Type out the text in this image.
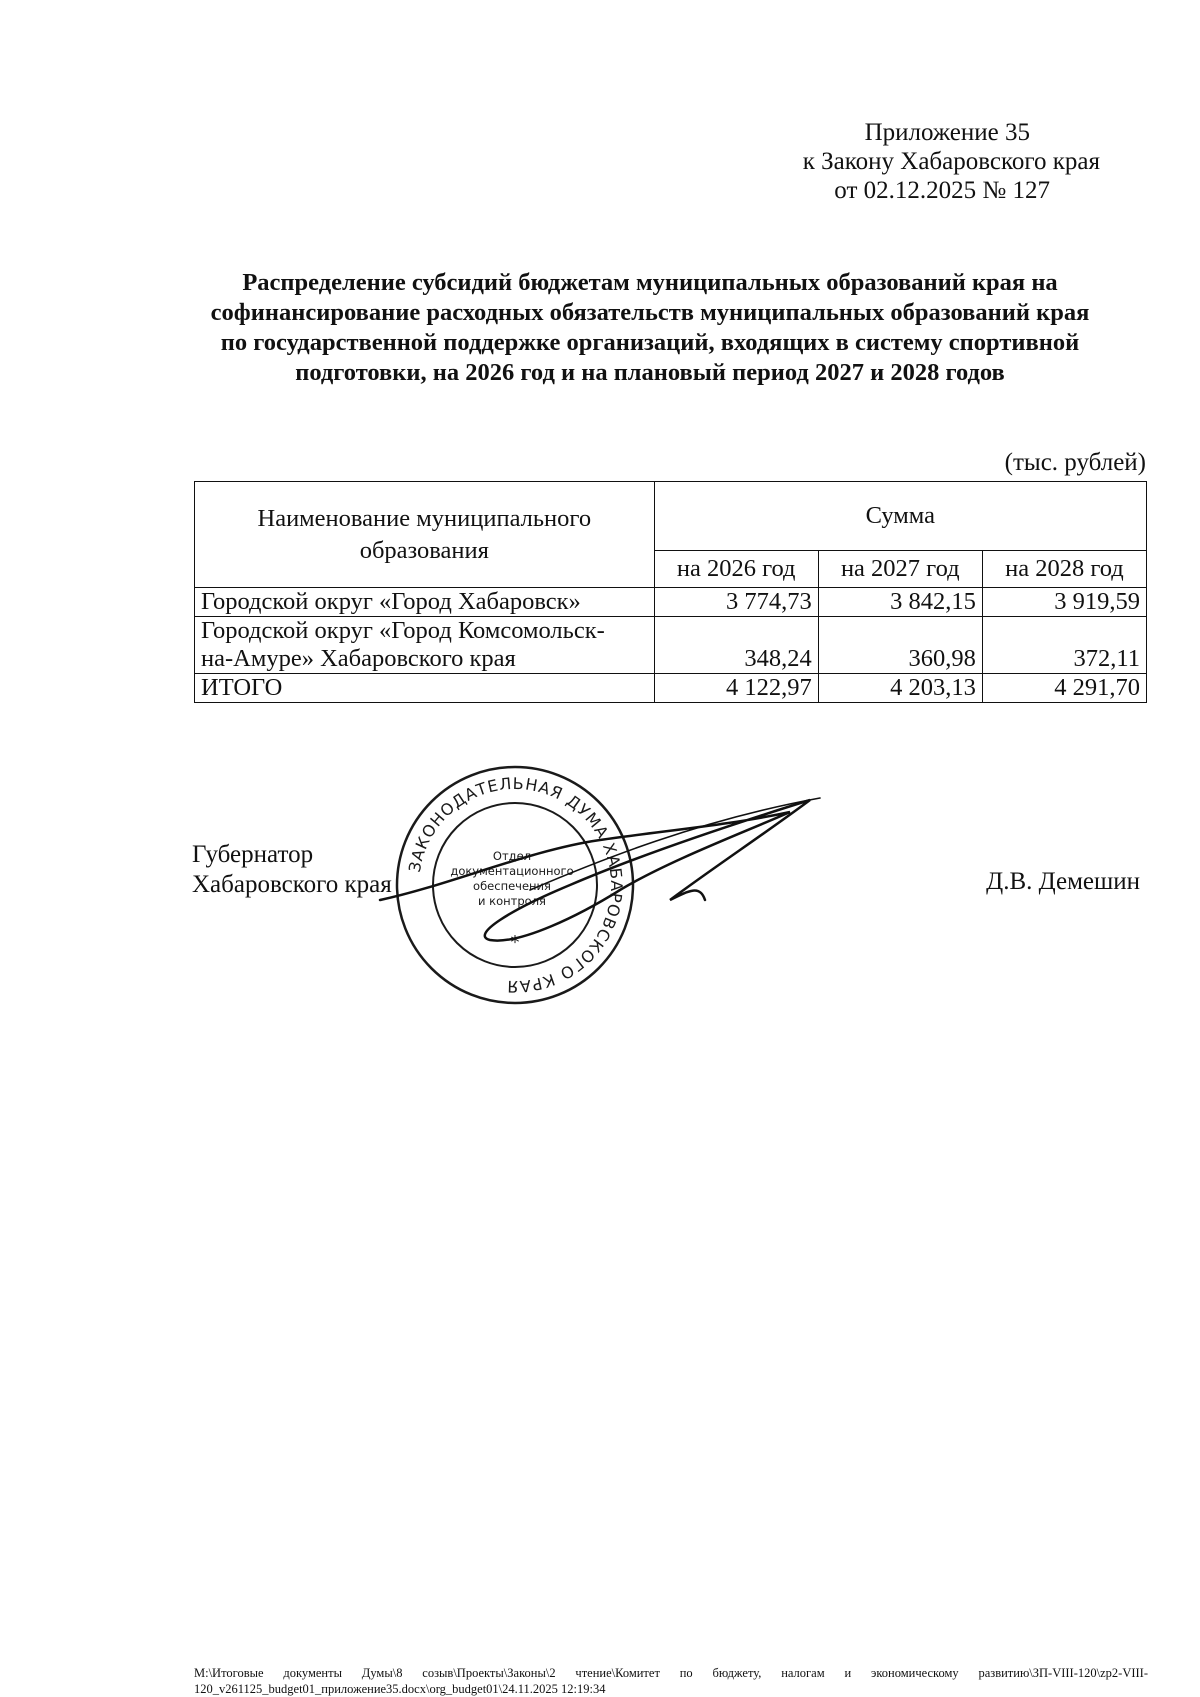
Приложение 35
к Закону Хабаровского края
от 02.12.2025 № 127
Распределение субсидий бюджетам муниципальных образований края на
софинансирование расходных обязательств муниципальных образований края
по государственной поддержке организаций, входящих в систему спортивной
подготовки, на 2026 год и на плановый период 2027 и 2028 годов
(тыс. рублей)
Наименование муниципального
образования	Сумма		
	на 2026 год	на 2027 год	на 2028 год
Городской округ «Город Хабаровск»	3 774,73	3 842,15	3 919,59

Городской округ «Город Комсомольск-
на-Амуре» Хабаровского края	348,24	360,98	372,11
ИТОГО	4 122,97	4 203,13	4 291,70
Губернатор
Хабаровского края
ЗАКОНОДАТЕЛЬНАЯ ДУМА ХАБАРОВСКОГО КРАЯ
*
Отдел
документационного
обеспечения
и контроля
Д.В. Демешин
M:\Итоговые документы Думы\8 созыв\Проекты\Законы\2 чтение\Комитет по бюджету, налогам и экономическому развитию\ЗП-VIII-120\zp2-VIII-120_v261125_budget01_приложение35.docx\org_budget01\24.11.2025 12:19:34
